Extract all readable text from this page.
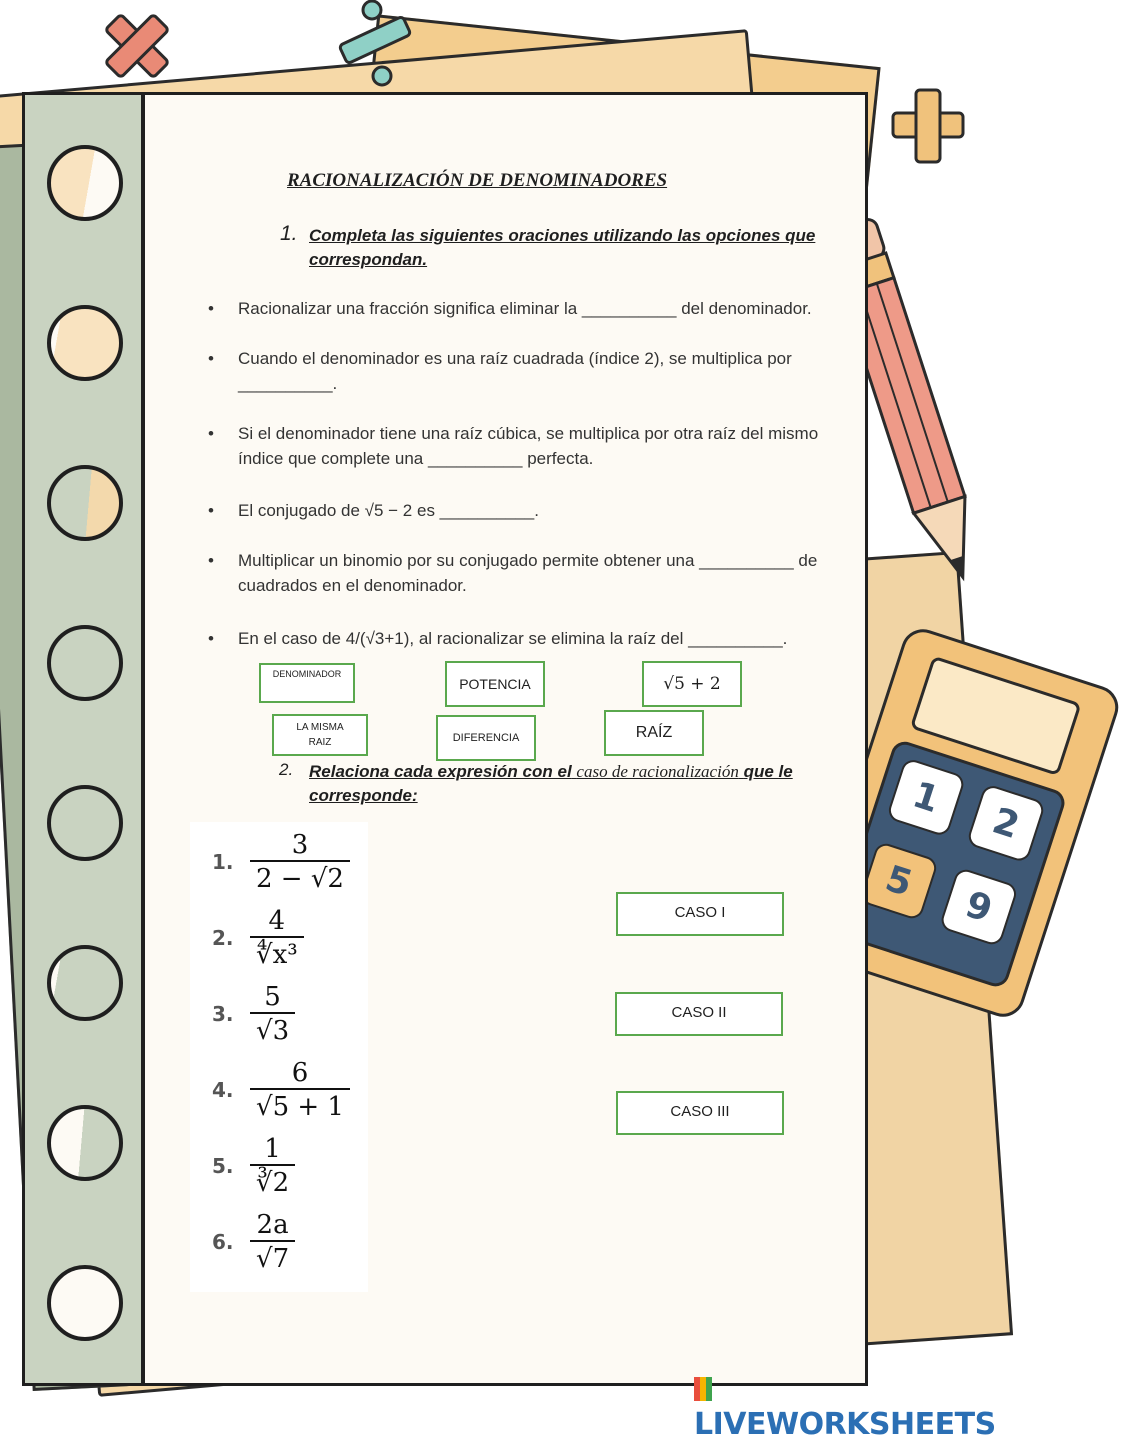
1
2
5
9
RACIONALIZACIÓN DE DENOMINADORES
1. Completa las siguientes oraciones utilizando las opciones que correspondan.
• Racionalizar una fracción significa eliminar la __________ del denominador.
• Cuando el denominador es una raíz cuadrada (índice 2), se multiplica por __________.
• Si el denominador tiene una raíz cúbica, se multiplica por otra raíz del mismo índice que complete una __________ perfecta.
• El conjugado de √5 − 2 es __________.
• Multiplicar un binomio por su conjugado permite obtener una __________ de cuadrados en el denominador.
• En el caso de 4/(√3+1), al racionalizar se elimina la raíz del __________.
DENOMINADOR
POTENCIA	√5 + 2
LA MISMA RAIZ	DIFERENCIA	RAÍZ
2. Relaciona cada expresión con el caso de racionalización que le corresponde:
1. $\frac{3}{2 - √2}$
2. $\frac{4}{\text{∜x³}}$
3. $\frac{5}{√3}$
4. $\frac{6}{√5 + 1}$
5. $\frac{1}{∛2}$
6. $\frac{2a}{√7}$
CASO I
CASO II
CASO III
LIVEWORKSHEETS
